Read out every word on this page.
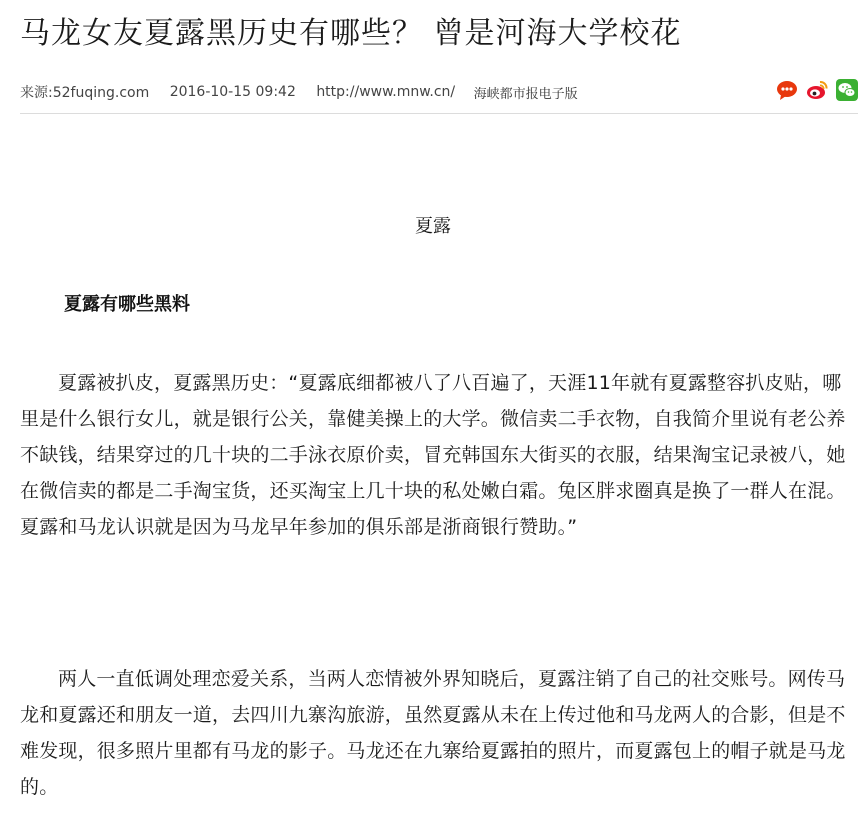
马龙女友夏露黑历史有哪些？ 曾是河海大学校花
来源:52fuqing.com 2016-10-15 09:42 http://www.mnw.cn/ 海峡都市报电子版
夏露
夏露有哪些黑料

夏露被扒皮，夏露黑历史：“夏露底细都被八了八百遍了，天涯11年就有夏露整容扒皮贴，哪里是什么银行女儿，就是银行公关，靠健美操上的大学。微信卖二手衣物，自我简介里说有老公养不缺钱，结果穿过的几十块的二手泳衣原价卖，冒充韩国东大街买的衣服，结果淘宝记录被八，她在微信卖的都是二手淘宝货，还买淘宝上几十块的私处嫩白霜。兔区胖求圈真是换了一群人在混。夏露和马龙认识就是因为马龙早年参加的俱乐部是浙商银行赞助。”

两人一直低调处理恋爱关系，当两人恋情被外界知晓后，夏露注销了自己的社交账号。网传马龙和夏露还和朋友一道，去四川九寨沟旅游，虽然夏露从未在上传过他和马龙两人的合影，但是不难发现，很多照片里都有马龙的影子。马龙还在九寨给夏露拍的照片，而夏露包上的帽子就是马龙的。
